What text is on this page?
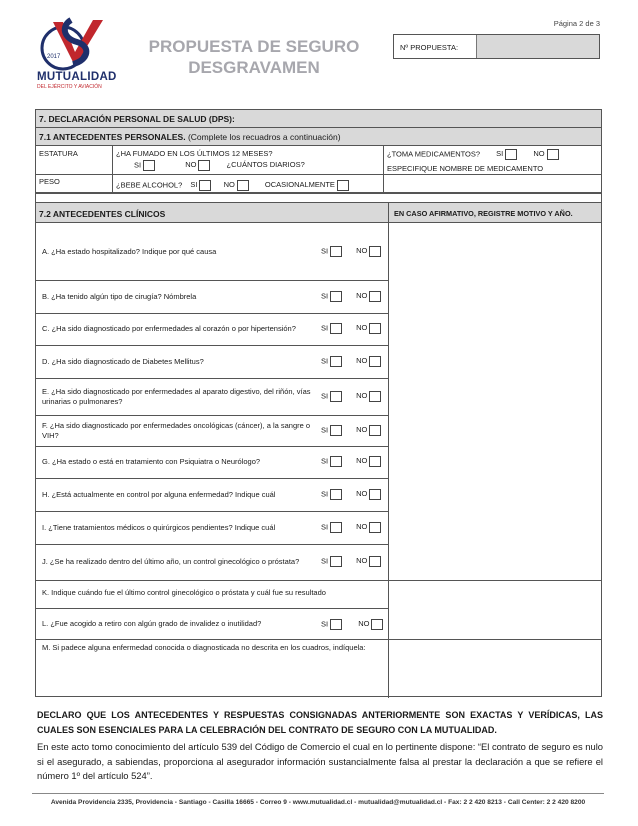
Página 2 de 3
2017
MUTUALIDAD
DEL EJÉRCITO Y AVIACIÓN
PROPUESTA DE SEGURO DESGRAVAMEN
Nº PROPUESTA:
7. DECLARACIÓN PERSONAL DE SALUD (DPS):
7.1 ANTECEDENTES PERSONALES. (Complete los recuadros a continuación)
ESTATURA
PESO
¿HA FUMADO EN LOS ÚLTIMOS 12 MESES?
SI	NO	¿CUÁNTOS DIARIOS?
¿BEBE ALCOHOL? SI	NO	OCASIONALMENTE
¿TOMA MEDICAMENTOS? SI	NO
ESPECIFIQUE NOMBRE DE MEDICAMENTO
7.2 ANTECEDENTES CLÍNICOS	EN CASO AFIRMATIVO, REGISTRE MOTIVO Y AÑO.
A. ¿Ha estado hospitalizado? Indique por qué causa	SI	NO
B. ¿Ha tenido algún tipo de cirugía? Nómbrela	SI	NO
C. ¿Ha sido diagnosticado por enfermedades al corazón o por hipertensión?	SI	NO
D. ¿Ha sido diagnosticado de Diabetes Mellitus?	SI	NO
E. ¿Ha sido diagnosticado por enfermedades al aparato digestivo, del riñón, vías urinarias o pulmonares?
SI	NO
F. ¿Ha sido diagnosticado por enfermedades oncológicas (cáncer), a la sangre o VIH?
SI	NO
G. ¿Ha estado o está en tratamiento con Psiquiatra o Neurólogo?	SI	NO
H. ¿Está actualmente en control por alguna enfermedad? Indique cuál	SI	NO
I. ¿Tiene tratamientos médicos o quirúrgicos pendientes? Indique cuál	SI	NO
J. ¿Se ha realizado dentro del último año, un control ginecológico o próstata?	SI	NO
K. Indique cuándo fue el último control ginecológico o próstata y cuál fue su resultado
L. ¿Fue acogido a retiro con algún grado de invalidez o inutilidad?	SI	NO
M. Si padece alguna enfermedad conocida o diagnosticada no descrita en los cuadros, indíquela:
DECLARO QUE LOS ANTECEDENTES Y RESPUESTAS CONSIGNADAS ANTERIORMENTE SON EXACTAS Y VERÍDICAS, LAS CUALES SON ESENCIALES PARA LA CELEBRACIÓN DEL CONTRATO DE SEGURO CON LA MUTUALIDAD.
En este acto tomo conocimiento del artículo 539 del Código de Comercio el cual en lo pertinente dispone: “El contrato de seguro es nulo si el asegurado, a sabiendas, proporciona al asegurador información sustancialmente falsa al prestar la declaración a que se refiere el número 1º del artículo 524”.
Avenida Providencia 2335, Providencia - Santiago - Casilla 16665 - Correo 9 - www.mutualidad.cl - mutualidad@mutualidad.cl - Fax: 2 2 420 8213 - Call Center: 2 2 420 8200
